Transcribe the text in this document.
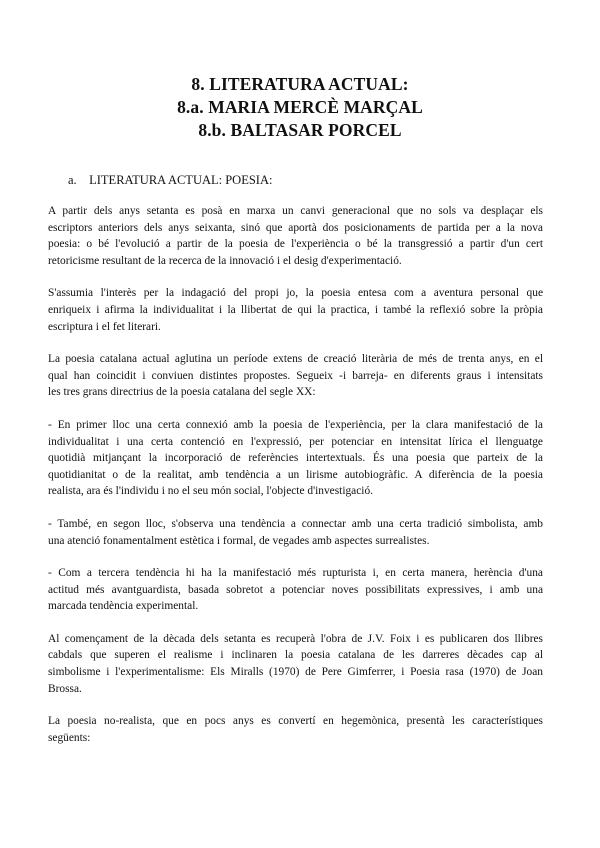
8. LITERATURA ACTUAL:
8.a. MARIA MERCÈ MARÇAL
8.b. BALTASAR PORCEL
a. LITERATURA ACTUAL: POESIA:

A partir dels anys setanta es posà en marxa un canvi generacional que no sols va desplaçar els
escriptors anteriors dels anys seixanta, sinó que aportà dos posicionaments de partida per a la nova
poesia: o bé l'evolució a partir de la poesia de l'experiència o bé la transgressió a partir d'un cert
retoricisme resultant de la recerca de la innovació i el desig d'experimentació.

S'assumia l'interès per la indagació del propi jo, la poesia entesa com a aventura personal que
enriqueix i afirma la individualitat i la llibertat de qui la practica, i també la reflexió sobre la pròpia
escriptura i el fet literari.

La poesia catalana actual aglutina un període extens de creació literària de més de trenta anys, en el
qual han coincidit i conviuen distintes propostes. Segueix -i barreja- en diferents graus i intensitats
les tres grans directrius de la poesia catalana del segle XX:

- En primer lloc una certa connexió amb la poesia de l'experiència, per la clara manifestació de la
individualitat i una certa contenció en l'expressió, per potenciar en intensitat lírica el llenguatge
quotidià mitjançant la incorporació de referències intertextuals. És una poesia que parteix de la
quotidianitat o de la realitat, amb tendència a un lirisme autobiogràfic. A diferència de la poesia
realista, ara és l'individu i no el seu món social, l'objecte d'investigació.

- També, en segon lloc, s'observa una tendència a connectar amb una certa tradició simbolista, amb
una atenció fonamentalment estètica i formal, de vegades amb aspectes surrealistes.

- Com a tercera tendència hi ha la manifestació més rupturista i, en certa manera, herència d'una
actitud més avantguardista, basada sobretot a potenciar noves possibilitats expressives, i amb una
marcada tendència experimental.

Al començament de la dècada dels setanta es recuperà l'obra de J.V. Foix i es publicaren dos llibres
cabdals que superen el realisme i inclinaren la poesia catalana de les darreres dècades cap al
simbolisme i l'experimentalisme: Els Miralls (1970) de Pere Gimferrer, i Poesia rasa (1970) de Joan
Brossa.

La poesia no-realista, que en pocs anys es convertí en hegemònica, presentà les característiques
següents:
